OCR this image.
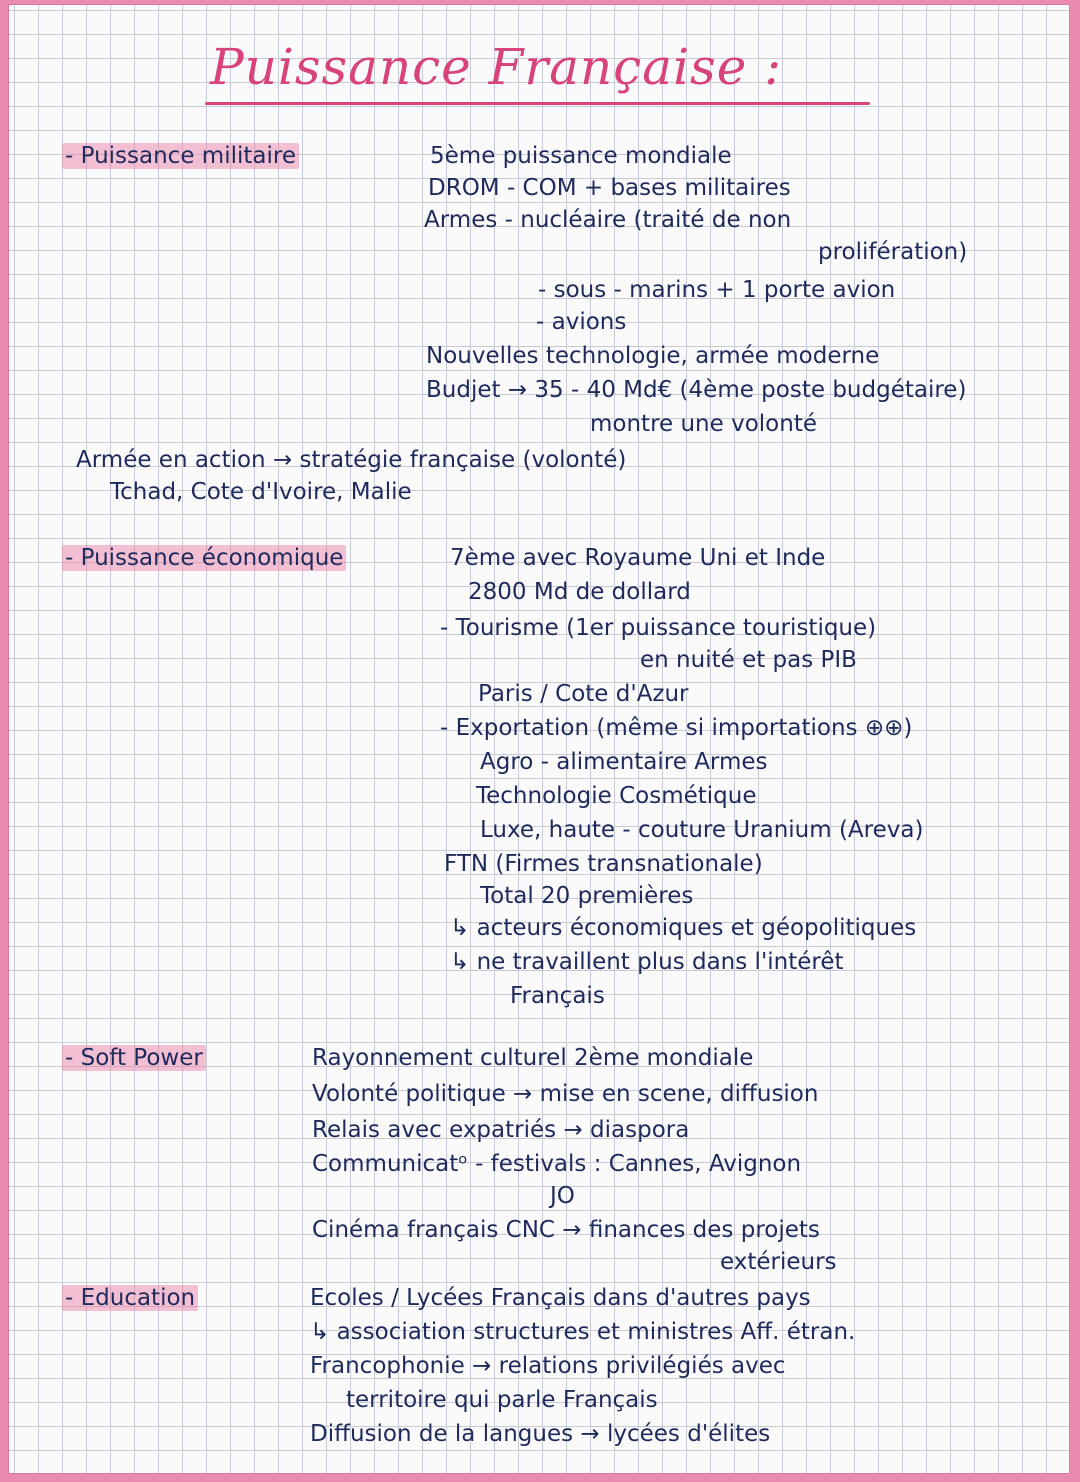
Puissance Française :
- Puissance militaire	5ème puissance mondiale
DROM - COM + bases militaires
Armes - nucléaire (traité de non
prolifération)
- sous - marins + 1 porte avion
- avions
Nouvelles technologie, armée moderne
Budjet → 35 - 40 Md€ (4ème poste budgétaire)
montre une volonté
Armée en action → stratégie française (volonté)
Tchad, Cote d'Ivoire, Malie
- Puissance économique	7ème avec Royaume Uni et Inde
2800 Md de dollard
- Tourisme (1er puissance touristique)
en nuité et pas PIB
Paris / Cote d'Azur
- Exportation (même si importations ⊕⊕)
Agro - alimentaire Armes
Technologie Cosmétique
Luxe, haute - couture Uranium (Areva)
FTN (Firmes transnationale)
Total 20 premières
↳ acteurs économiques et géopolitiques
↳ ne travaillent plus dans l'intérêt
Français
- Soft Power	Rayonnement culturel 2ème mondiale
Volonté politique → mise en scene, diffusion
Relais avec expatriés → diaspora
Communicatᵒ - festivals : Cannes, Avignon
JO
Cinéma français CNC → finances des projets
extérieurs
- Education	Ecoles / Lycées Français dans d'autres pays
↳ association structures et ministres Aff. étran.
Francophonie → relations privilégiés avec
territoire qui parle Français
Diffusion de la langues → lycées d'élites
